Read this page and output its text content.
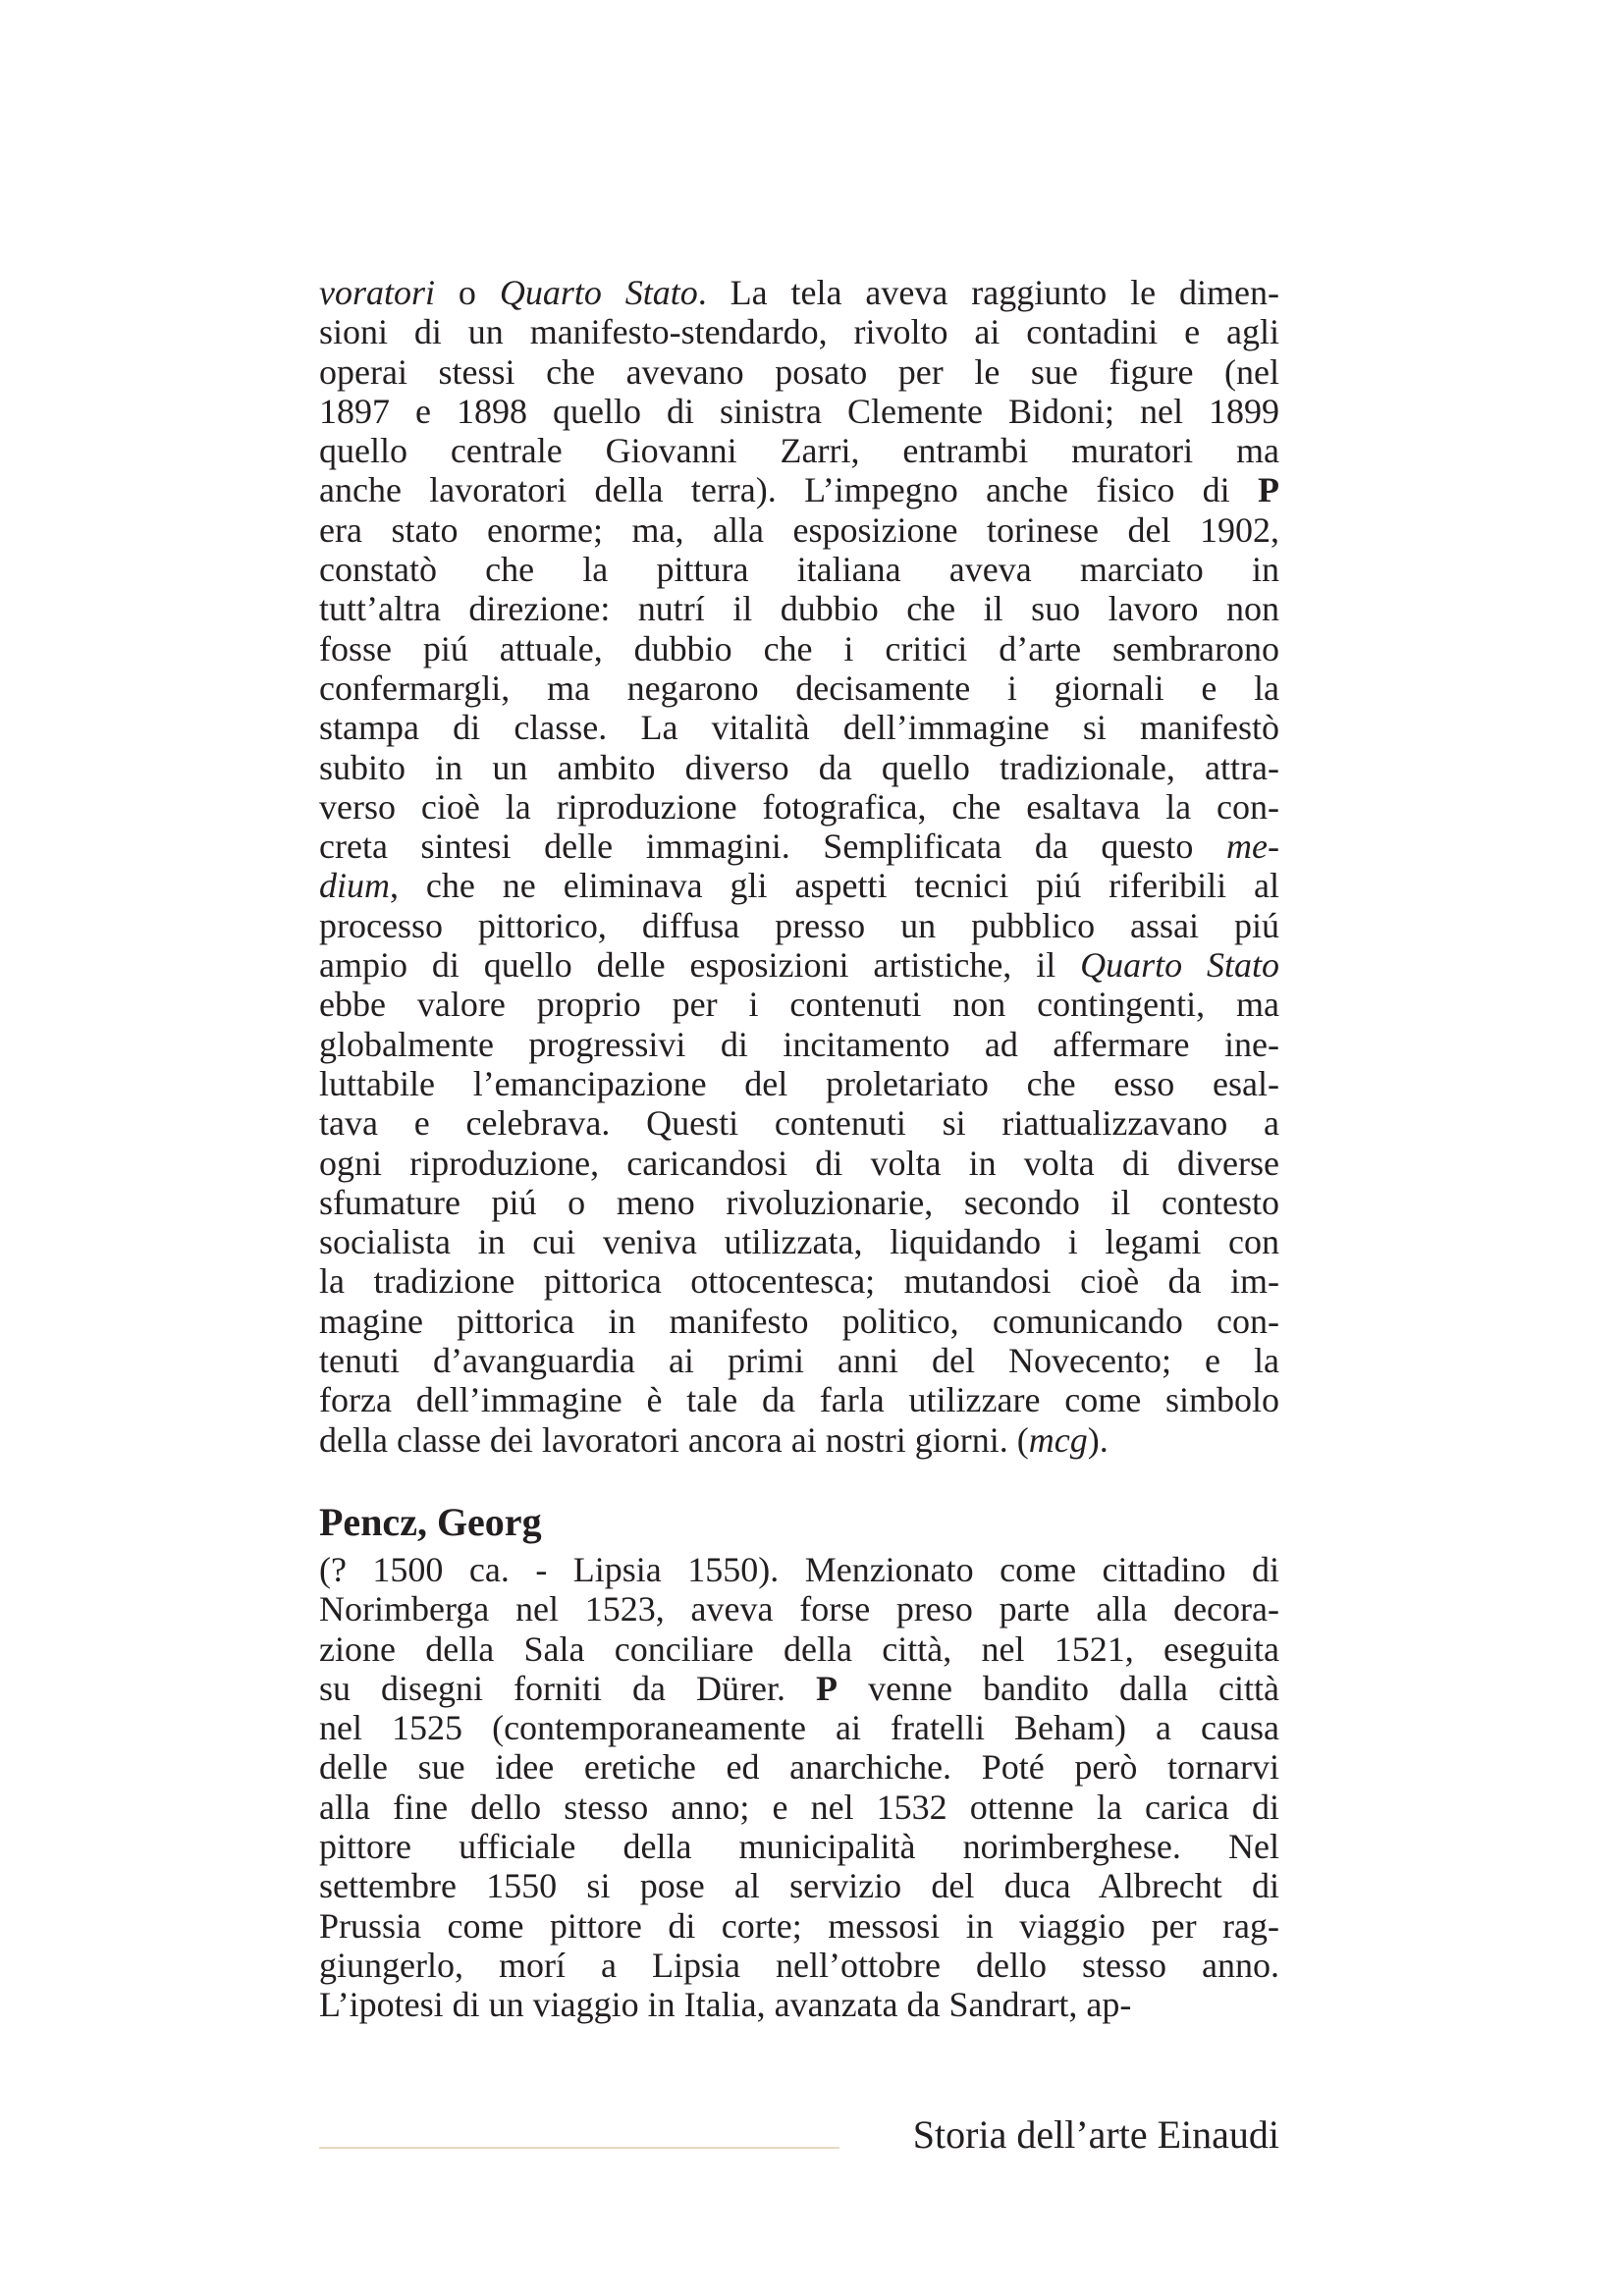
voratori o Quarto Stato. La tela aveva raggiunto le dimen-
sioni di un manifesto-stendardo, rivolto ai contadini e agli
operai stessi che avevano posato per le sue figure (nel
1897 e 1898 quello di sinistra Clemente Bidoni; nel 1899
quello centrale Giovanni Zarri, entrambi muratori ma
anche lavoratori della terra). L’impegno anche fisico di P
era stato enorme; ma, alla esposizione torinese del 1902,
constatò che la pittura italiana aveva marciato in
tutt’altra direzione: nutrí il dubbio che il suo lavoro non
fosse piú attuale, dubbio che i critici d’arte sembrarono
confermargli, ma negarono decisamente i giornali e la
stampa di classe. La vitalità dell’immagine si manifestò
subito in un ambito diverso da quello tradizionale, attra-
verso cioè la riproduzione fotografica, che esaltava la con-
creta sintesi delle immagini. Semplificata da questo me-
dium, che ne eliminava gli aspetti tecnici piú riferibili al
processo pittorico, diffusa presso un pubblico assai piú
ampio di quello delle esposizioni artistiche, il Quarto Stato
ebbe valore proprio per i contenuti non contingenti, ma
globalmente progressivi di incitamento ad affermare ine-
luttabile l’emancipazione del proletariato che esso esal-
tava e celebrava. Questi contenuti si riattualizzavano a
ogni riproduzione, caricandosi di volta in volta di diverse
sfumature piú o meno rivoluzionarie, secondo il contesto
socialista in cui veniva utilizzata, liquidando i legami con
la tradizione pittorica ottocentesca; mutandosi cioè da im-
magine pittorica in manifesto politico, comunicando con-
tenuti d’avanguardia ai primi anni del Novecento; e la
forza dell’immagine è tale da farla utilizzare come simbolo
della classe dei lavoratori ancora ai nostri giorni. (mcg).

Pencz, Georg

(? 1500 ca. - Lipsia 1550). Menzionato come cittadino di
Norimberga nel 1523, aveva forse preso parte alla decora-
zione della Sala conciliare della città, nel 1521, eseguita
su disegni forniti da Dürer. P venne bandito dalla città
nel 1525 (contemporaneamente ai fratelli Beham) a causa
delle sue idee eretiche ed anarchiche. Poté però tornarvi
alla fine dello stesso anno; e nel 1532 ottenne la carica di
pittore ufficiale della municipalità norimberghese. Nel
settembre 1550 si pose al servizio del duca Albrecht di
Prussia come pittore di corte; messosi in viaggio per rag-
giungerlo, morí a Lipsia nell’ottobre dello stesso anno.
L’ipotesi di un viaggio in Italia, avanzata da Sandrart, ap-

Storia dell’arte Einaudi
